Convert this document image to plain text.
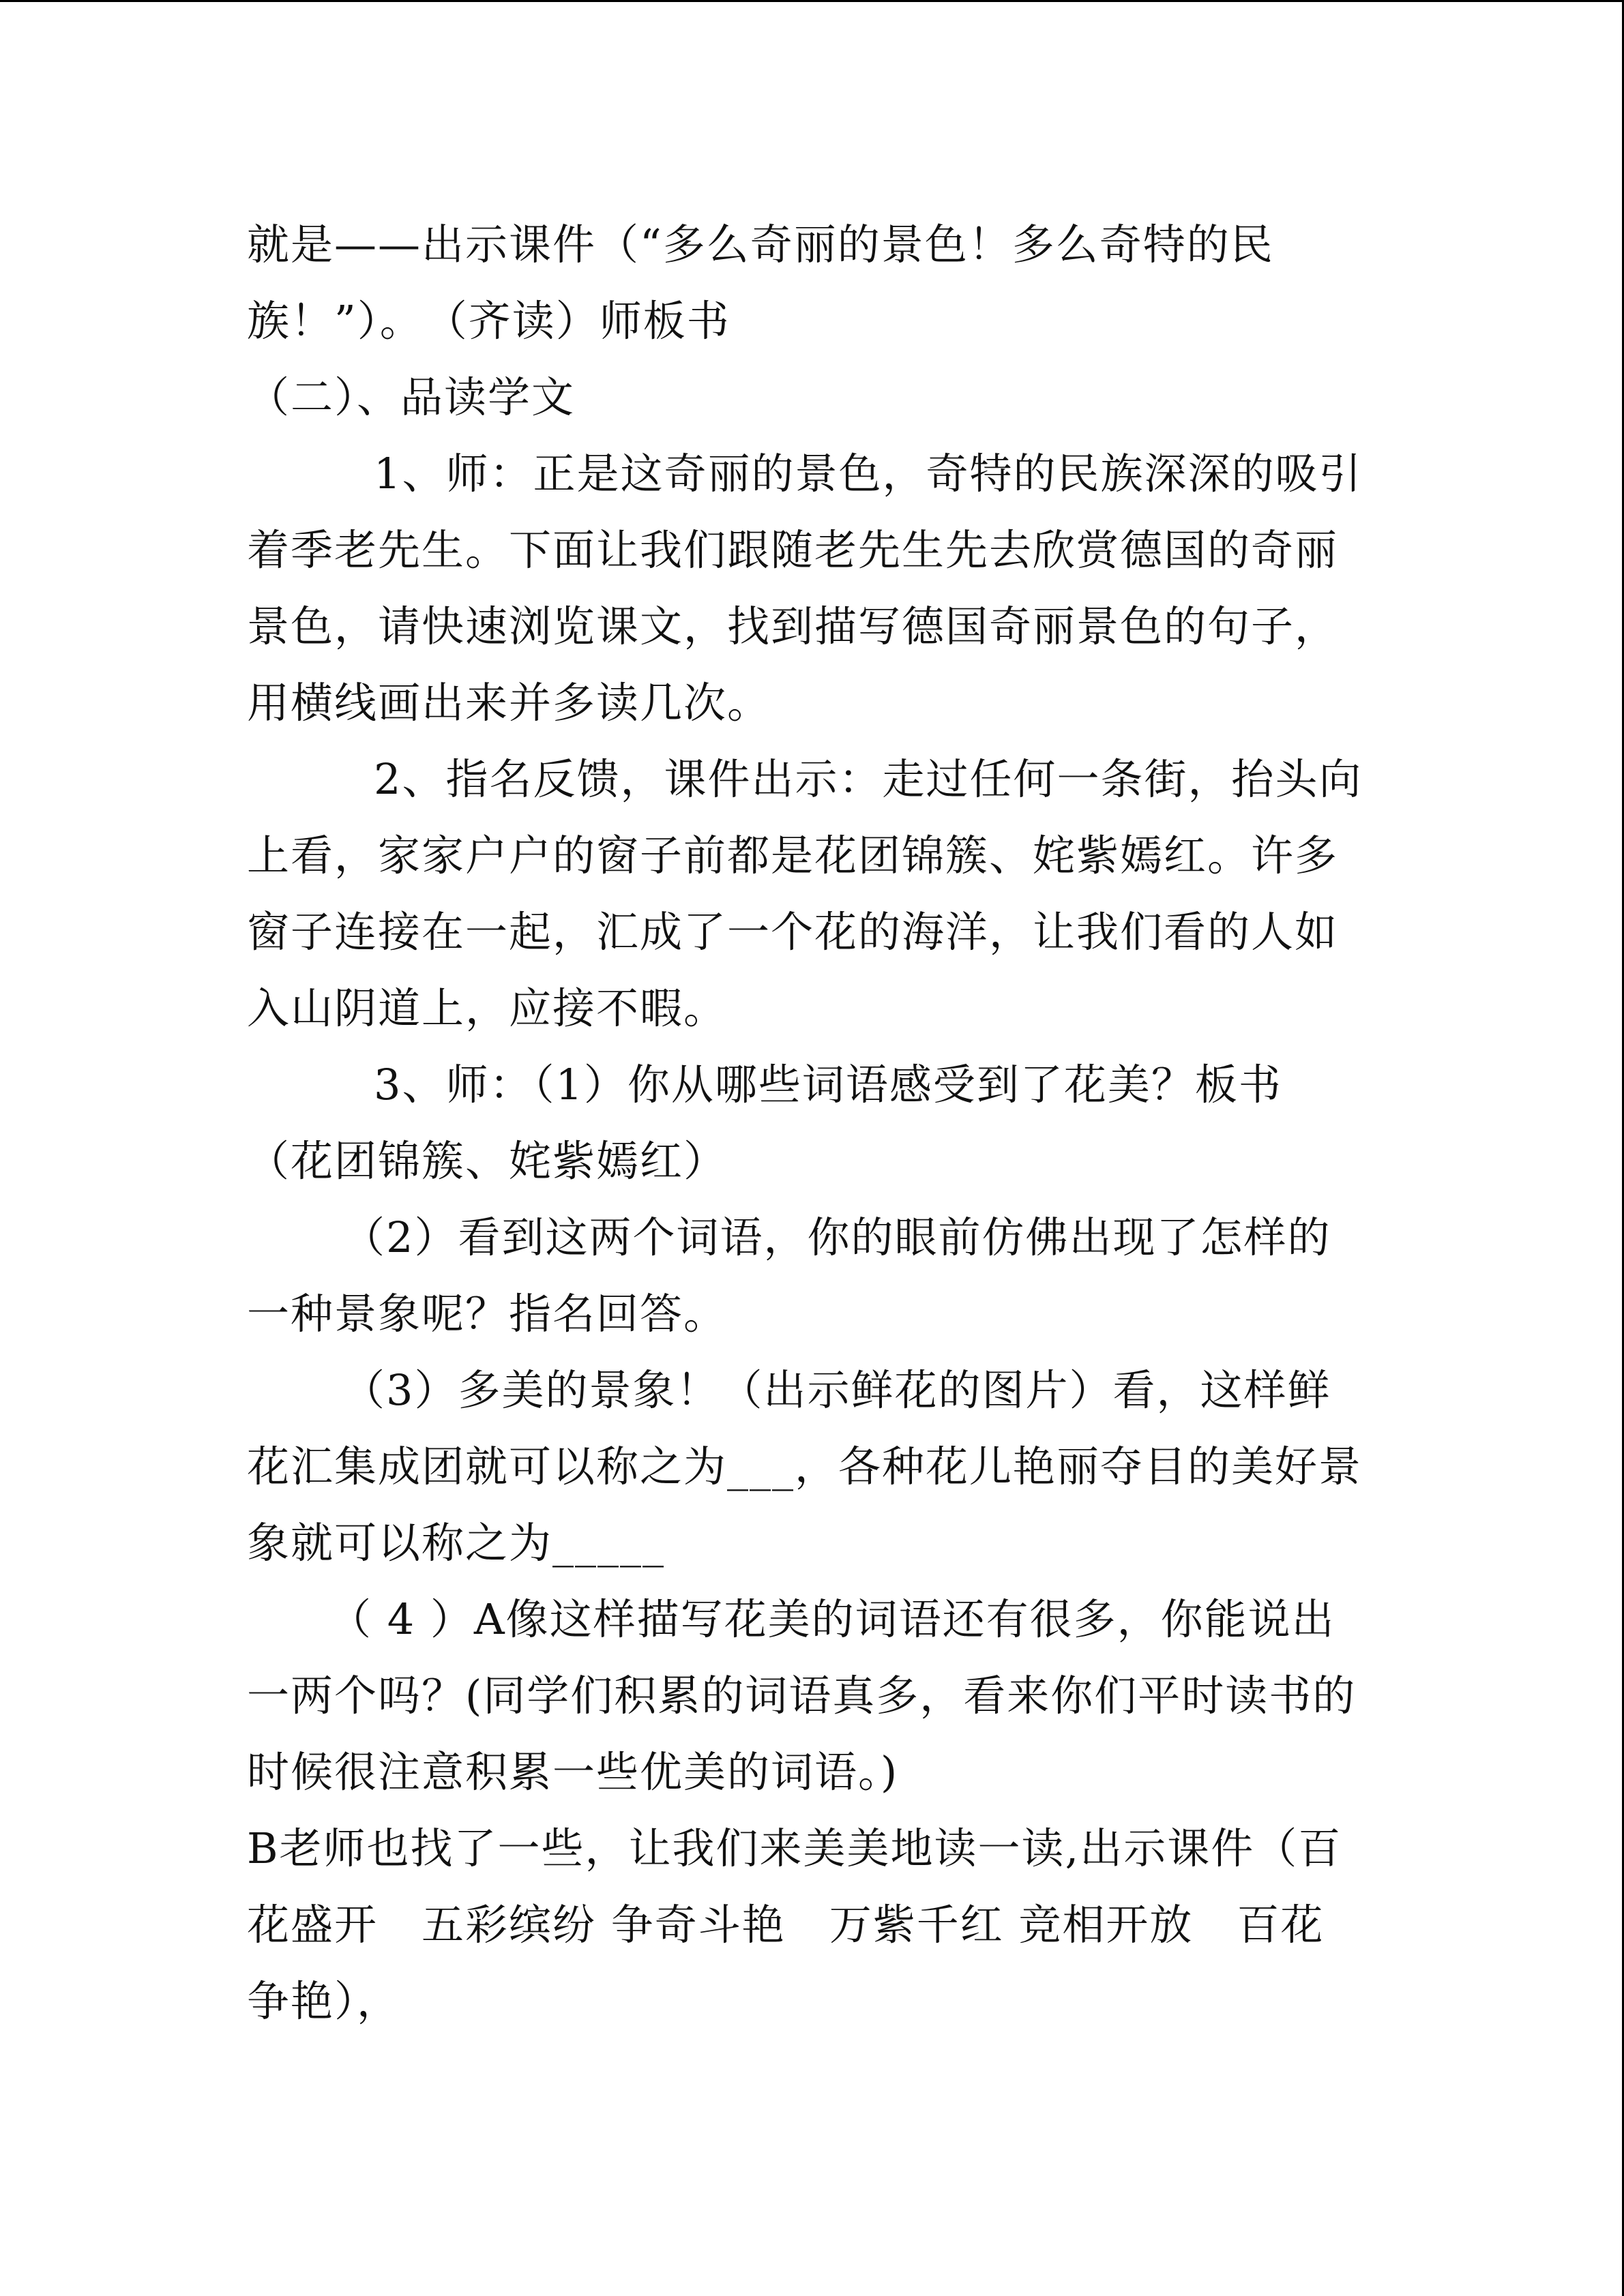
就是——出示课件（“多么奇丽的景色！多么奇特的民族！”）。　（齐读）师板书

（二）、品读学文

1、师：正是这奇丽的景色，奇特的民族深深的吸引着季老先生。下面让我们跟随老先生先去欣赏德国的奇丽景色，请快速浏览课文，找到描写德国奇丽景色的句子，用横线画出来并多读几次。

2、指名反馈，课件出示：走过任何一条街，抬头向上看，家家户户的窗子前都是花团锦簇、姹紫嫣红。许多窗子连接在一起，汇成了一个花的海洋，让我们看的人如入山阴道上，应接不暇。

3、师：（1）你从哪些词语感受到了花美？板书（花团锦簇、姹紫嫣红）

（2）看到这两个词语，你的眼前仿佛出现了怎样的一种景象呢？指名回答。

（3）多美的景象！（出示鲜花的图片）看，这样鲜花汇集成团就可以称之为___，各种花儿艳丽夺目的美好景象就可以称之为_____

（ 4 ）A像这样描写花美的词语还有很多，你能说出一两个吗？(同学们积累的词语真多，看来你们平时读书的时候很注意积累一些优美的词语。)

B老师也找了一些，让我们来美美地读一读,出示课件（百花盛开　五彩缤纷 争奇斗艳　万紫千红 竞相开放　百花争艳），
